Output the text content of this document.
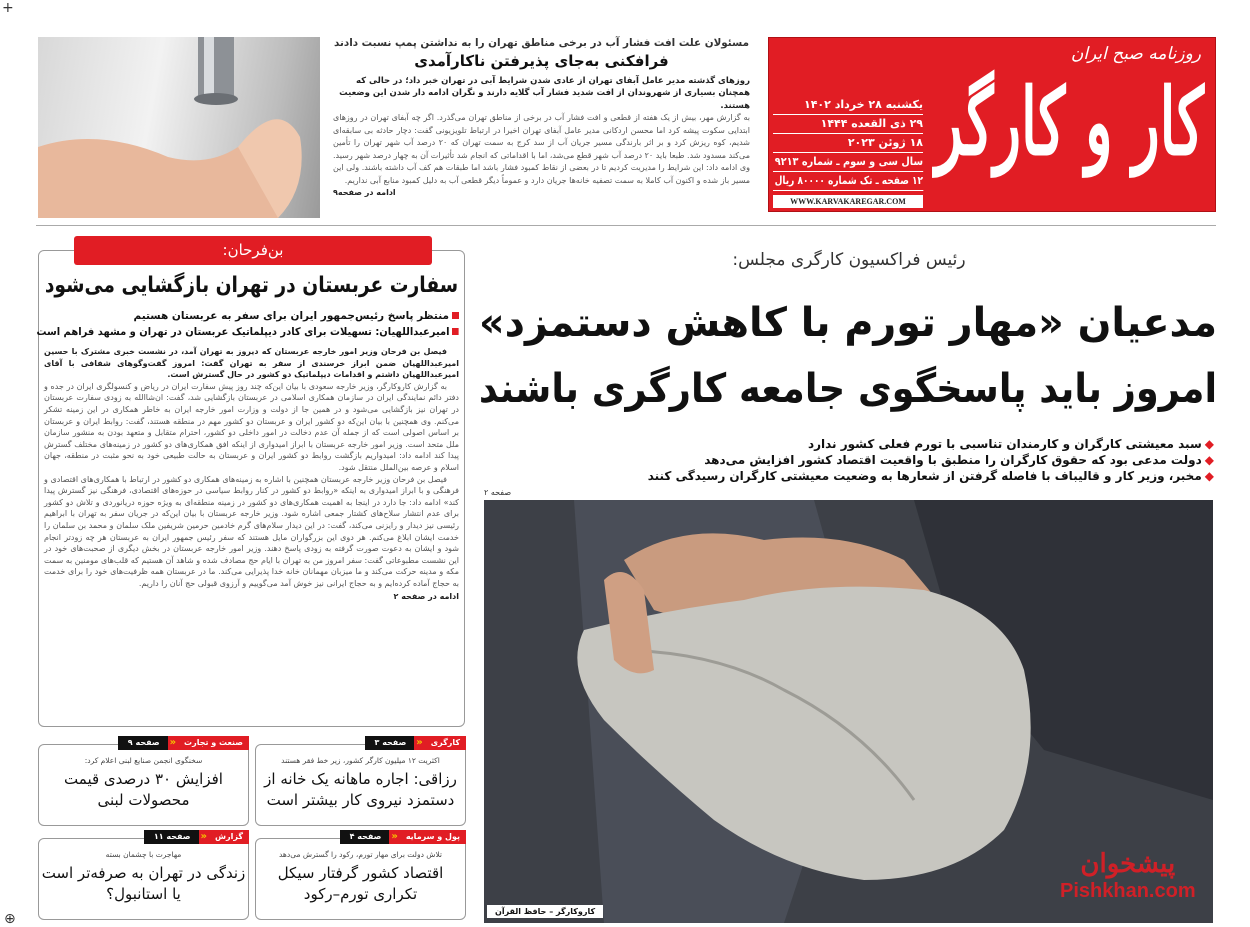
+
روزنامه صبح ایران
کار و کارگر
یکشنبه ۲۸ خرداد ۱۴۰۲
۲۹ ذی القعده ۱۴۴۴
۱۸ ژوئن ۲۰۲۳
سال سی و سوم ـ شماره ۹۲۱۳
۱۲ صفحه ـ تک شماره ۸۰۰۰۰ ریال
WWW.KARVAKAREGAR.COM
مسئولان علت افت فشار آب در برخی مناطق تهران را به نداشتن پمپ نسبت دادند
فرافکنی به‌جای پذیرفتن ناکارآمدی
روزهای گذشته مدیر عامل آبفای تهران از عادی شدن شرایط آبی در تهران خبر داد؛ در حالی که همچنان بسیاری از شهروندان از افت شدید فشار آب گلایه دارند و نگران ادامه دار شدن این وضعیت هستند.
به گزارش مهر، بیش از یک هفته از قطعی و افت فشار آب در برخی از مناطق تهران می‌گذرد. اگر چه آبفای تهران در روزهای ابتدایی سکوت پیشه کرد اما محسن اردکانی مدیر عامل آبفای تهران اخیرا در ارتباط تلویزیونی گفت: دچار حادثه بی سابقه‌ای شدیم، کوه ریزش کرد و بر اثر بارندگی مسیر جریان آب از سد کرج به سمت تهران که ۲۰ درصد آب شهر تهران را تأمین می‌کند مسدود شد. طبعا باید ۲۰ درصد آب شهر قطع می‌شد، اما با اقداماتی که انجام شد تأثیرات آن به چهار درصد شهر رسید. وی ادامه داد: این شرایط را مدیریت کردیم تا در بعضی از نقاط کمبود فشار باشد اما طبقات هم کف آب داشته باشند. ولی این مسیر باز شده و اکنون آب کاملا به سمت تصفیه خانه‌ها جریان دارد و عموماً دیگر قطعی آب به دلیل کمبود منابع آبی نداریم.
ادامه در صفحه۹
بن‌فرحان:
سفارت عربستان در تهران بازگشایی می‌شود
منتظر پاسخ رئیس‌جمهور ایران برای سفر به عربستان هستیم
امیرعبداللهیان: تسهیلات برای کادر دیپلماتیک عربستان در تهران و مشهد فراهم است

فیصل بن فرحان وزیر امور خارجه عربستان که دیروز به تهران آمد، در نشست خبری مشترک با حسین امیرعبداللهیان ضمن ابراز خرسندی از سفر به تهران گفت: امروز گفت‌وگوهای شفافی با آقای امیرعبداللهیان داشتم و اقدامات دیپلماتیک دو کشور در حال گسترش است.

به گزارش کاروکارگر، وزیر خارجه سعودی با بیان این‌که چند روز پیش سفارت ایران در ریاض و کنسولگری ایران در جده و دفتر دائم نمایندگی ایران در سازمان همکاری اسلامی در عربستان بازگشایی شد، گفت: ان‌شاالله به زودی سفارت عربستان در تهران نیز بازگشایی می‌شود و در همین جا از دولت و وزارت امور خارجه ایران به خاطر همکاری در این زمینه تشکر می‌کنم. وی همچنین با بیان این‌که دو کشور ایران و عربستان دو کشور مهم در منطقه هستند، گفت: روابط ایران و عربستان بر اساس اصولی است که از جمله آن عدم دخالت در امور داخلی دو کشور، احترام متقابل و متعهد بودن به منشور سازمان ملل متحد است. وزیر امور خارجه عربستان با ابراز امیدواری از اینکه افق همکاری‌های دو کشور در زمینه‌های مختلف گسترش پیدا کند ادامه داد: امیدواریم بازگشت روابط دو کشور ایران و عربستان به حالت طبیعی خود به نحو مثبت در منطقه، جهان اسلام و عرصه بین‌الملل منتقل شود.

فیصل بن فرحان وزیر خارجه عربستان همچنین با اشاره به زمینه‌های همکاری دو کشور در ارتباط با همکاری‌های اقتصادی و فرهنگی و با ابراز امیدواری به اینکه «روابط دو کشور در کنار روابط سیاسی در حوزه‌های اقتصادی، فرهنگی نیز گسترش پیدا کند» ادامه داد: جا دارد در اینجا به اهمیت همکاری‌های دو کشور در زمینه منطقه‌ای به ویژه حوزه دریانوردی و تلاش دو کشور برای عدم انتشار سلاح‌های کشتار جمعی اشاره شود. وزیر خارجه عربستان با بیان این‌که در جریان سفر به تهران با ابراهیم رئیسی نیز دیدار و رایزنی می‌کند، گفت: در این دیدار سلام‌های گرم خادمین حرمین شریفین ملک سلمان و محمد بن سلمان را خدمت ایشان ابلاغ می‌کنم. هر دوی این بزرگواران مایل هستند که سفر رئیس جمهور ایران به عربستان هر چه زودتر انجام شود و ایشان به دعوت صورت گرفته به زودی پاسخ دهند. وزیر امور خارجه عربستان در بخش دیگری از صحبت‌های خود در این نشست مطبوعاتی گفت: سفر امروز من به تهران با ایام حج مصادف شده و شاهد آن هستیم که قلب‌های مومنین به سمت مکه و مدینه حرکت می‌کند و ما میزبان مهمانان خانه خدا پذیرایی می‌کند. ما در عربستان همه ظرفیت‌های خود را برای خدمت به حجاج آماده کرده‌ایم و به حجاج ایرانی نیز خوش آمد می‌گوییم و آرزوی قبولی حج آنان را داریم.

ادامه در صفحه ۲
کارگری
«
صفحه ۳
اکثریت ۱۲ میلیون کارگر کشور، زیر خط فقر هستند
رزاقی: اجاره ماهانه یک خانه از دستمزد نیروی کار بیشتر است
صنعت و تجارت
«
صفحه ۹
سخنگوی انجمن صنایع لبنی اعلام کرد:
افزایش ۳۰ درصدی قیمت محصولات لبنی
پول و سرمایه
«
صفحه ۴
تلاش دولت برای مهار تورم، رکود را گسترش می‌دهد
اقتصاد کشور گرفتار سیکل تکراری تورم–رکود
گزارش
«
صفحه ۱۱
مهاجرت با چشمان بسته
زندگی در تهران به صرفه‌تر است یا استانبول؟
رئیس فراکسیون کارگری مجلس:
مدعیان «مهار تورم با کاهش دستمزد»
امروز باید پاسخگوی جامعه کارگری باشند
◆ سبد معیشتی کارگران و کارمندان تناسبی با تورم فعلی کشور ندارد
◆ دولت مدعی بود که حقوق کارگران را منطبق با واقعیت اقتصاد کشور افزایش می‌دهد
◆ مخبر، وزیر کار و قالیباف با فاصله گرفتن از شعارها به وضعیت معیشتی کارگران رسیدگی کنند
صفحه ۲
کاروکارگر – حافظ القرآن
پیشخوان
Pishkhan.com
⊕
